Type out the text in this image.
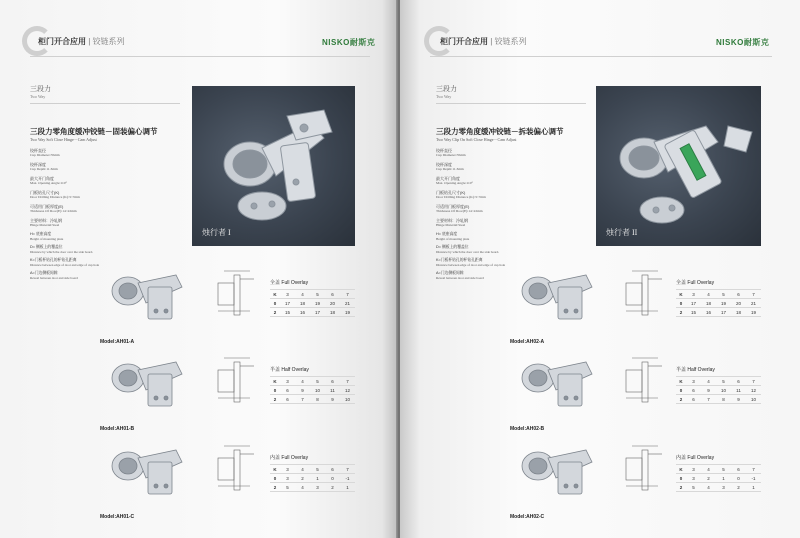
柜门开合应用 | 铰链系列	NISKO耐斯克
三段力
Two Way
三段力零角度缓冲铰链－固装偏心调节
Two Way Soft Close Hinge－Cam Adjust
铰杯直径
Cup Diameter:35mm
铰杯深度
Cup Depth:11.3mm
最大开门角度
Max. Opening Angle:110°
门板钻孔尺寸(K)
Door Drilling Distance (K):3~7mm
可适用门板厚度(E)
Thickness Of Door(E):14~22mm
主要材料：冷轧钢
Hinge Material:Steel
烛行者 I
H= 底座高度
Height of mounting plate
D= 侧板上的覆盖位
Distance by which the door over the side board.
K=门板杯钻孔的杯钻孔距离
Distance between edge of door and edge of cup hole
A=门边侧板间隙
Reveal between door and side board
全盖 Full Overlay
K	3	4	5	6	7
0	17	18	19	20	21
2	15	16	17	18	19
Model:AH01-A
半盖 Half Overlay
K	3	4	5	6	7
0	6	9	10	11	12
2	6	7	8	9	10
Model:AH01-B
内盖 Full Overlay
K	3	4	5	6	7
0	3	2	1	0	-1
2	5	4	3	2	1
Model:AH01-C
柜门开合应用 | 铰链系列	NISKO耐斯克
三段力
Two Way
三段力零角度缓冲铰链－拆装偏心调节
Two Way Clip On Soft Close Hinge－Cam Adjust
铰杯直径
Cup Diameter:35mm
铰杯深度
Cup Depth:11.3mm
最大开门角度
Max. Opening Angle:110°
门板钻孔尺寸(K)
Door Drilling Distance (K):3~7mm
可适用门板厚度(E)
Thickness Of Door(E):14~22mm
主要材料：冷轧钢
Hinge Material:Steel
烛行者 II
H= 底座高度
Height of mounting plate
D= 侧板上的覆盖位
Distance by which the door over the side board.
K=门板杯钻孔的杯钻孔距离
Distance between edge of door and edge of cup hole
A=门边侧板间隙
Reveal between door and side board
全盖 Full Overlay
K	3	4	5	6	7
0	17	18	19	20	21
2	15	16	17	18	19
Model:AH02-A
半盖 Half Overlay
K	3	4	5	6	7
0	6	9	10	11	12
2	6	7	8	9	10
Model:AH02-B
内盖 Full Overlay
K	3	4	5	6	7
0	3	2	1	0	-1
2	5	4	3	2	1
Model:AH02-C
